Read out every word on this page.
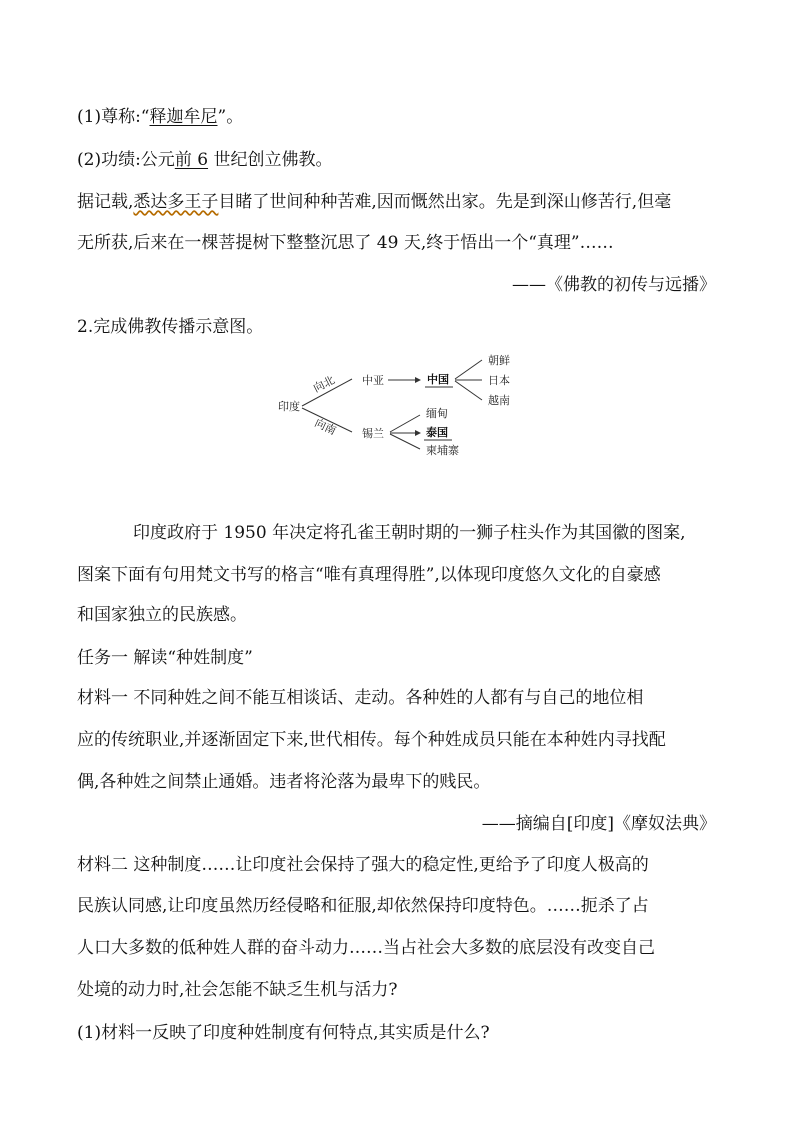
(1)尊称:“释迦牟尼”。
(2)功绩:公元前 6 世纪创立佛教。
据记载,悉达多王子目睹了世间种种苦难,因而慨然出家。先是到深山修苦行,但毫
无所获,后来在一棵菩提树下整整沉思了 49 天,终于悟出一个“真理”……
——《佛教的初传与远播》
2.完成佛教传播示意图。
印度
向北
向南
中亚	中国
朝鲜
日本
越南
锡兰
缅甸
泰国
柬埔寨
印度政府于 1950 年决定将孔雀王朝时期的一狮子柱头作为其国徽的图案,
图案下面有句用梵文书写的格言“唯有真理得胜”,以体现印度悠久文化的自豪感
和国家独立的民族感。
任务一 解读“种姓制度”
材料一 不同种姓之间不能互相谈话、走动。各种姓的人都有与自己的地位相
应的传统职业,并逐渐固定下来,世代相传。每个种姓成员只能在本种姓内寻找配
偶,各种姓之间禁止通婚。违者将沦落为最卑下的贱民。
——摘编自[印度]《摩奴法典》
材料二 这种制度……让印度社会保持了强大的稳定性,更给予了印度人极高的
民族认同感,让印度虽然历经侵略和征服,却依然保持印度特色。……扼杀了占
人口大多数的低种姓人群的奋斗动力……当占社会大多数的底层没有改变自己
处境的动力时,社会怎能不缺乏生机与活力?
(1)材料一反映了印度种姓制度有何特点,其实质是什么?
